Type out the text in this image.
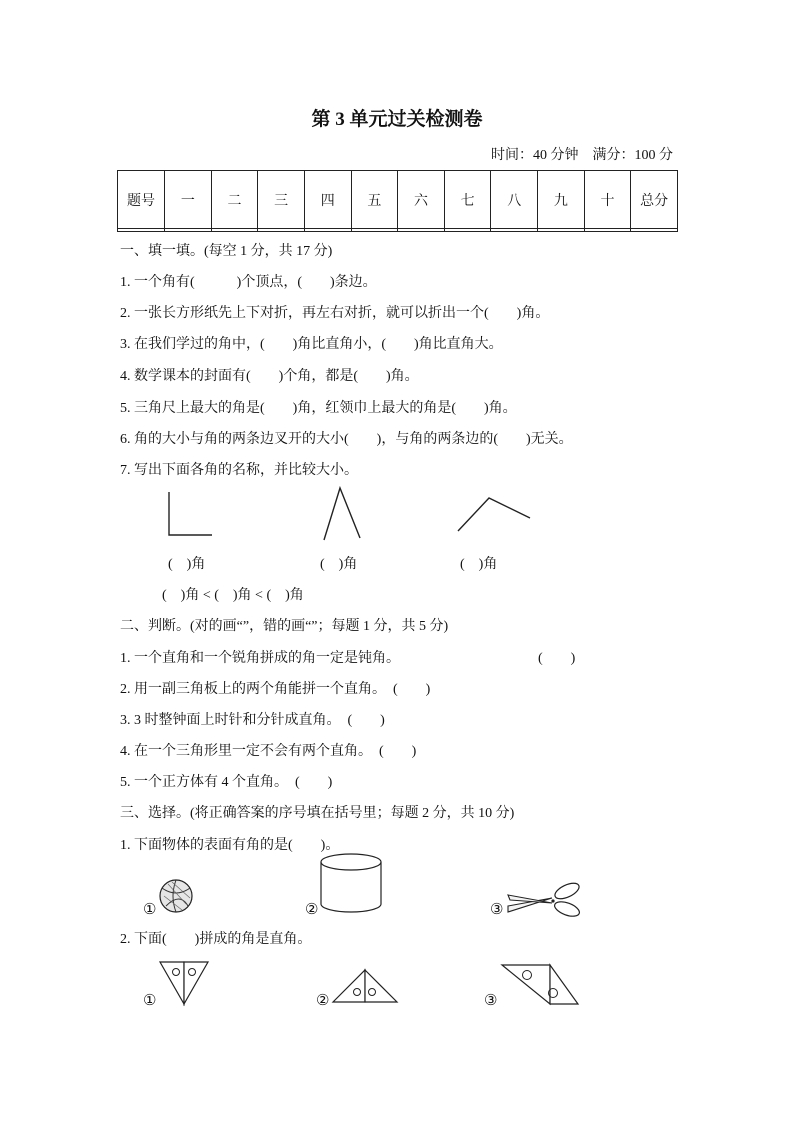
第 3 单元过关检测卷
时间：40 分钟　满分：100 分
题号	一	二	三	四	五	六	七	八	九	十	总分

一、填一填。(每空 1 分，共 17 分)
1. 一个角有(　　　)个顶点，(　　)条边。
2. 一张长方形纸先上下对折，再左右对折，就可以折出一个(　　)角。
3. 在我们学过的角中，(　　)角比直角小，(　　)角比直角大。
4. 数学课本的封面有(　　)个角，都是(　　)角。
5. 三角尺上最大的角是(　　)角，红领巾上最大的角是(　　)角。
6. 角的大小与角的两条边叉开的大小(　　)，与角的两条边的(　　)无关。
7. 写出下面各角的名称，并比较大小。
(　)角	(　)角	(　)角
(　)角 < (　)角 < (　)角
二、判断。(对的画“”，错的画“”；每题 1 分，共 5 分)
1. 一个直角和一个锐角拼成的角一定是钝角。	(　　)
2. 用一副三角板上的两个角能拼一个直角。　(　　)
3. 3 时整钟面上时针和分针成直角。　(　　)
4. 在一个三角形里一定不会有两个直角。　(　　)
5. 一个正方体有 4 个直角。　(　　)
三、选择。(将正确答案的序号填在括号里；每题 2 分，共 10 分)
1. 下面物体的表面有角的是(　　)。
①	②	③
2. 下面(　　)拼成的角是直角。
①	②	③
